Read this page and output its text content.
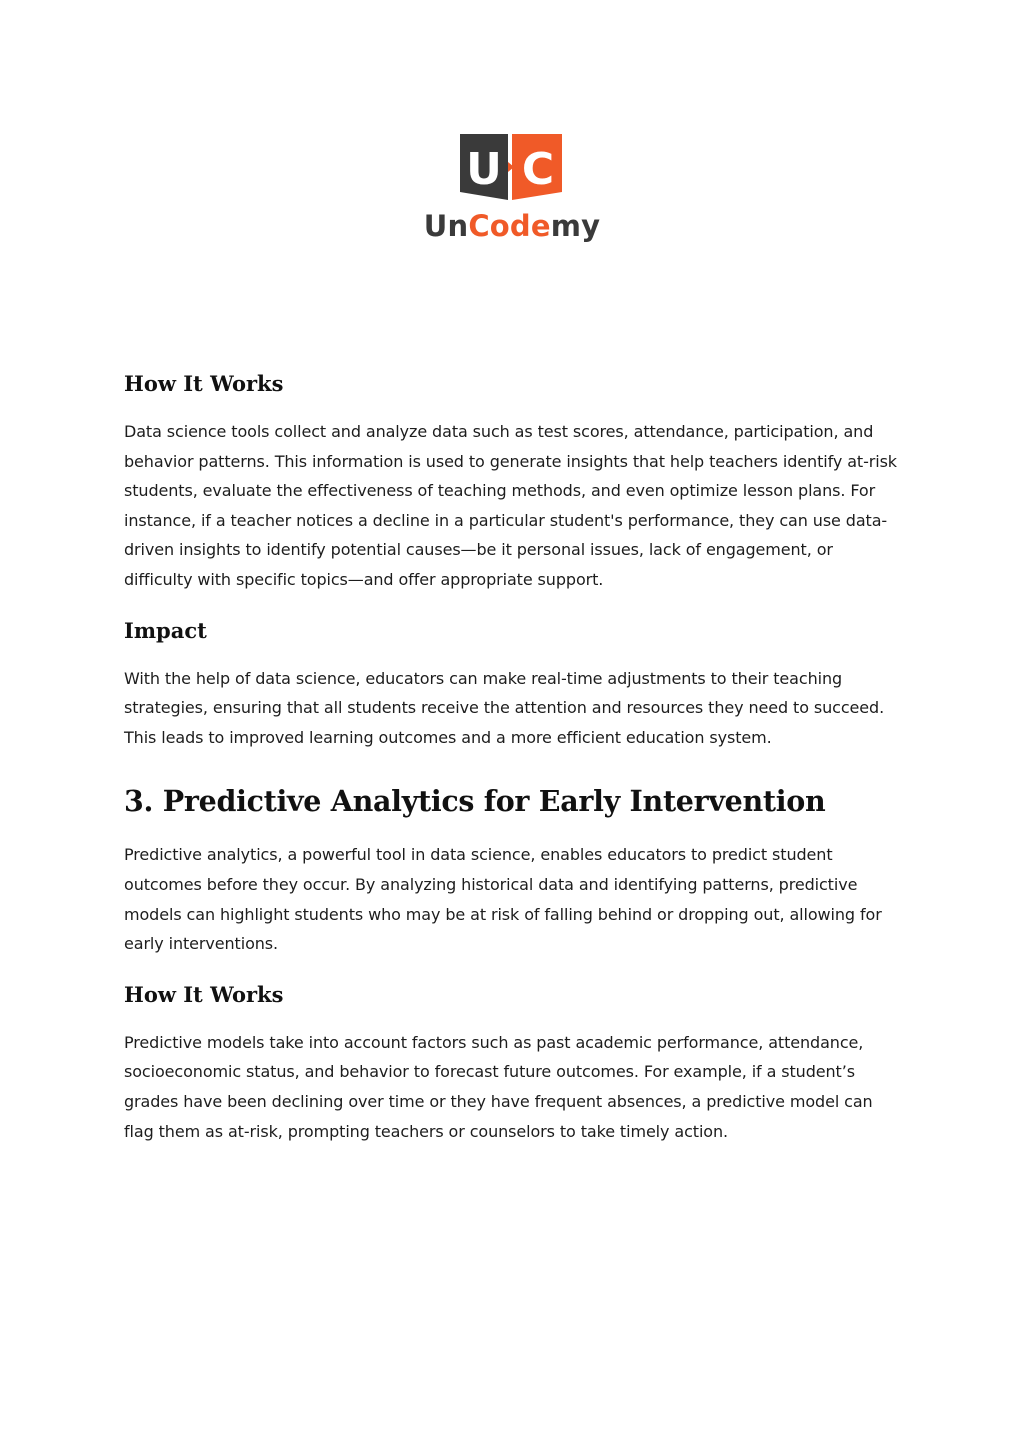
U C
UnCodemy
How It Works

Data science tools collect and analyze data such as test scores, attendance, participation, and behavior patterns. This information is used to generate insights that help teachers identify at-risk students, evaluate the effectiveness of teaching methods, and even optimize lesson plans. For instance, if a teacher notices a decline in a particular student's performance, they can use data-driven insights to identify potential causes—be it personal issues, lack of engagement, or difficulty with specific topics—and offer appropriate support.

Impact

With the help of data science, educators can make real-time adjustments to their teaching strategies, ensuring that all students receive the attention and resources they need to succeed. This leads to improved learning outcomes and a more efficient education system.

3. Predictive Analytics for Early Intervention

Predictive analytics, a powerful tool in data science, enables educators to predict student outcomes before they occur. By analyzing historical data and identifying patterns, predictive models can highlight students who may be at risk of falling behind or dropping out, allowing for early interventions.

How It Works

Predictive models take into account factors such as past academic performance, attendance, socioeconomic status, and behavior to forecast future outcomes. For example, if a student’s grades have been declining over time or they have frequent absences, a predictive model can flag them as at-risk, prompting teachers or counselors to take timely action.
